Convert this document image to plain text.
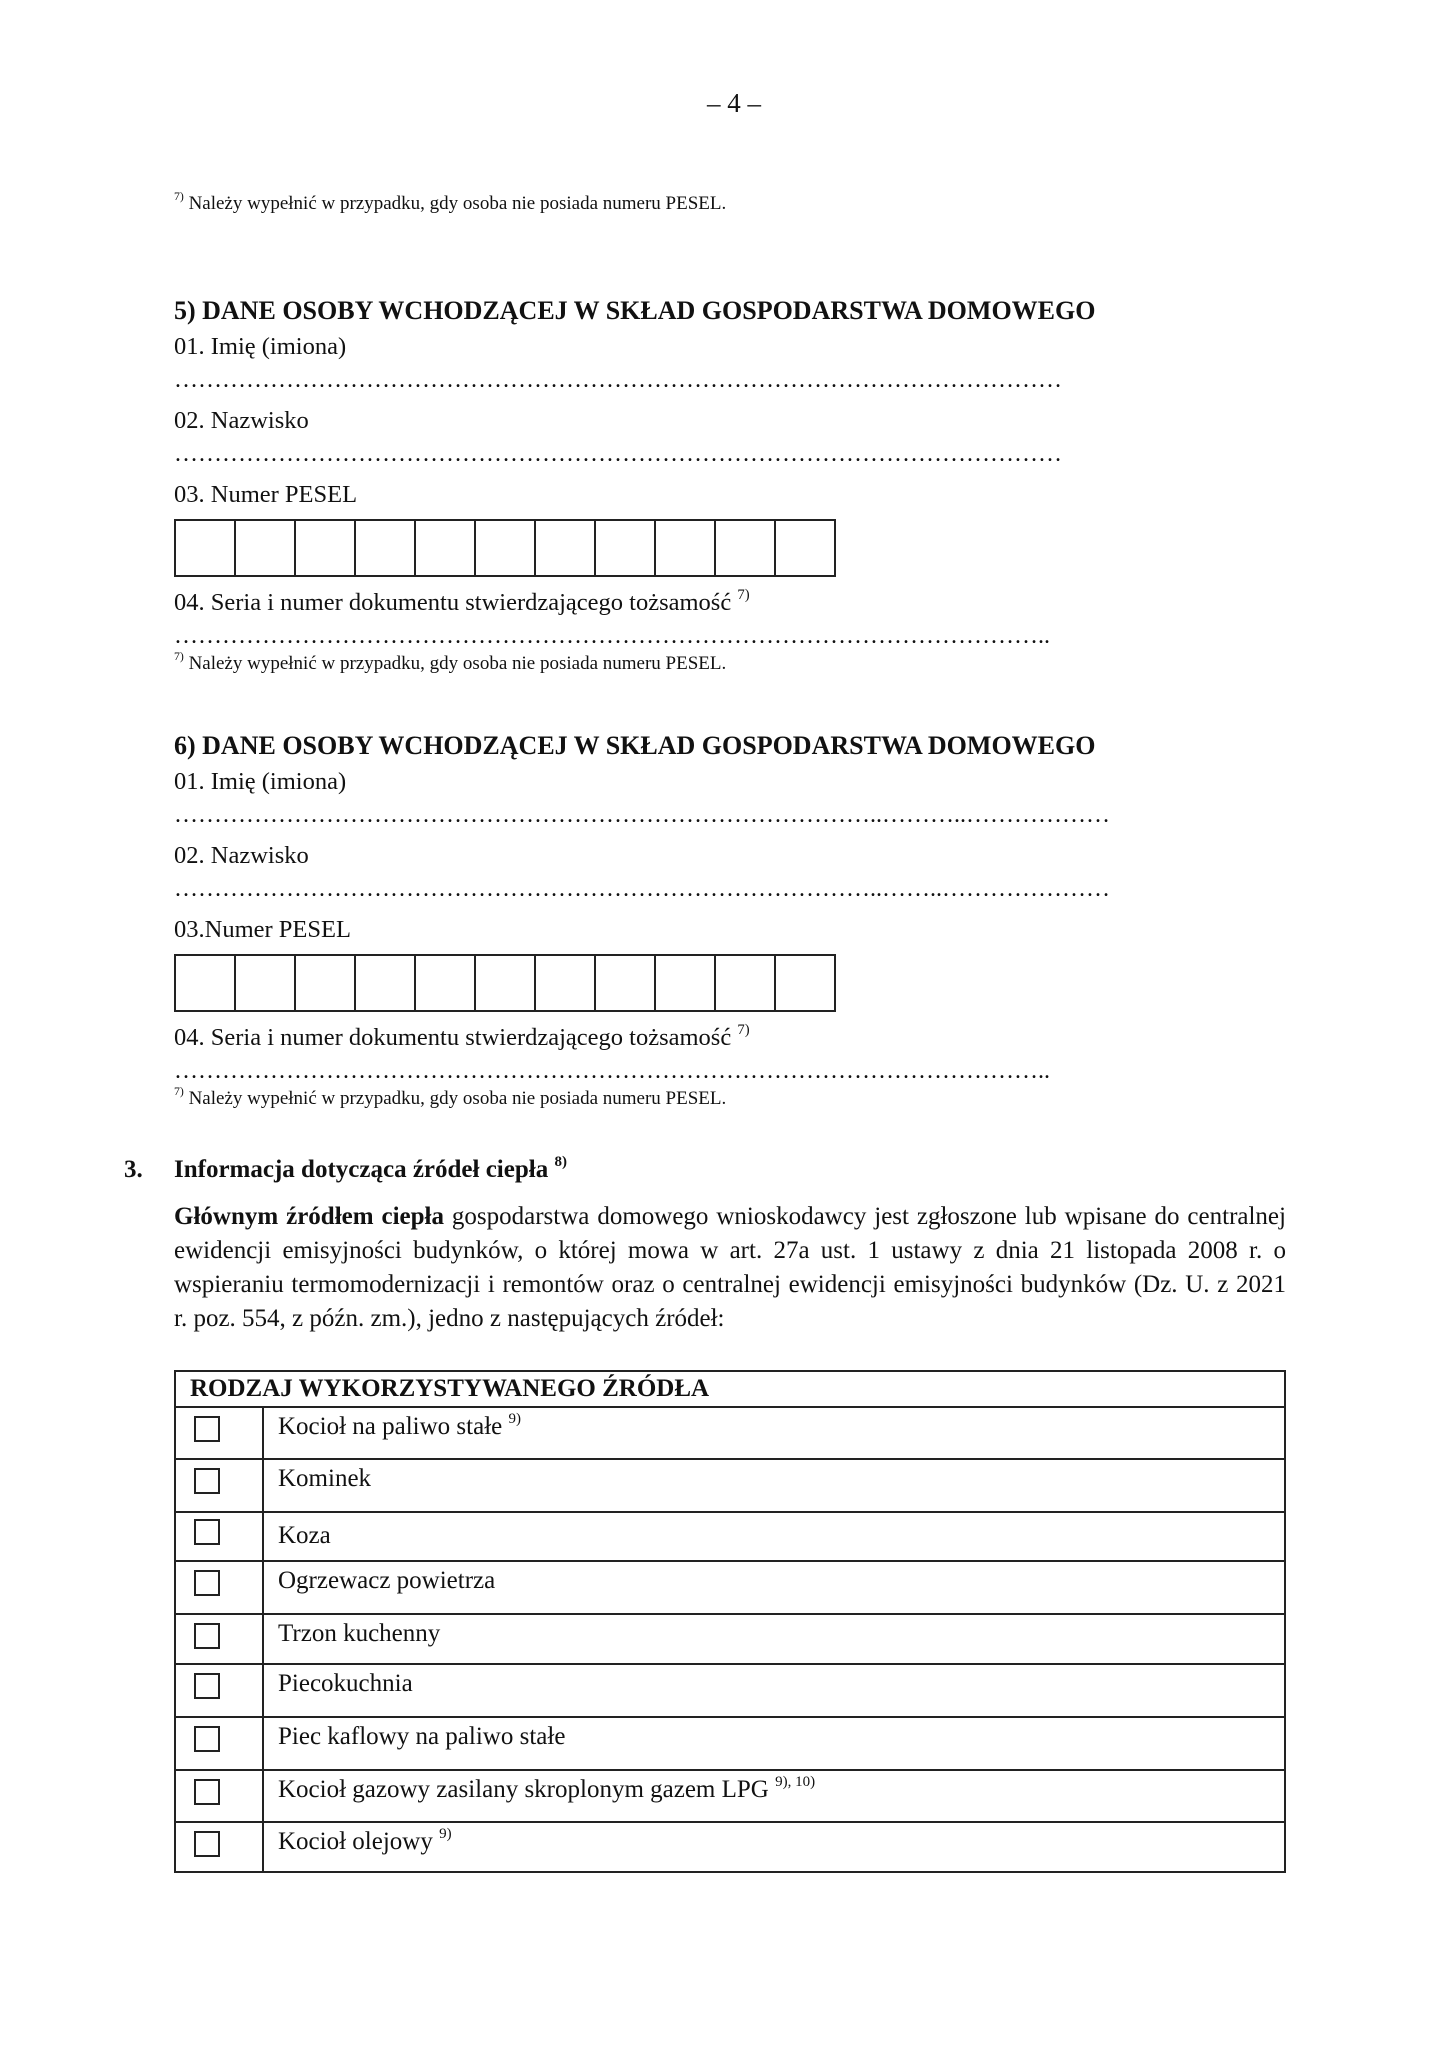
– 4 –
$^{7)}$ Należy wypełnić w przypadku, gdy osoba nie posiada numeru PESEL.
5) DANE OSOBY WCHODZĄCEJ W SKŁAD GOSPODARSTWA DOMOWEGO
01. Imię (imiona)
…………………………………………………………………………………………………
02. Nazwisko
…………………………………………………………………………………………………
03. Numer PESEL
04. Seria i numer dokumentu stwierdzającego tożsamość $^{7)}$
………………………………………………………………………………………………..
$^{7)}$ Należy wypełnić w przypadku, gdy osoba nie posiada numeru PESEL.
6) DANE OSOBY WCHODZĄCEJ W SKŁAD GOSPODARSTWA DOMOWEGO
01. Imię (imiona)
……………………………………………………………………………..………..………………
02. Nazwisko
……………………………………………………………………………..……..…………………
03.Numer PESEL
04. Seria i numer dokumentu stwierdzającego tożsamość $^{7)}$
………………………………………………………………………………………………..
$^{7)}$ Należy wypełnić w przypadku, gdy osoba nie posiada numeru PESEL.
3. Informacja dotycząca źródeł ciepła $^{8)}$
Głównym źródłem ciepła gospodarstwa domowego wnioskodawcy jest zgłoszone lub wpisane do centralnej ewidencji emisyjności budynków, o której mowa w art. 27a ust. 1 ustawy z dnia 21 listopada 2008 r. o wspieraniu termomodernizacji i remontów oraz o centralnej ewidencji emisyjności budynków (Dz. U. z 2021 r. poz. 554, z późn. zm.), jedno z następujących źródeł:
RODZAJ WYKORZYSTYWANEGO ŹRÓDŁA	

	Kocioł na paliwo stałe $^{9)}$

	Kominek

	Koza

	Ogrzewacz powietrza

	Trzon kuchenny

	Piecokuchnia

	Piec kaflowy na paliwo stałe

	Kocioł gazowy zasilany skroplonym gazem LPG $^{9), 10)}$

	Kocioł olejowy $^{9)}$
